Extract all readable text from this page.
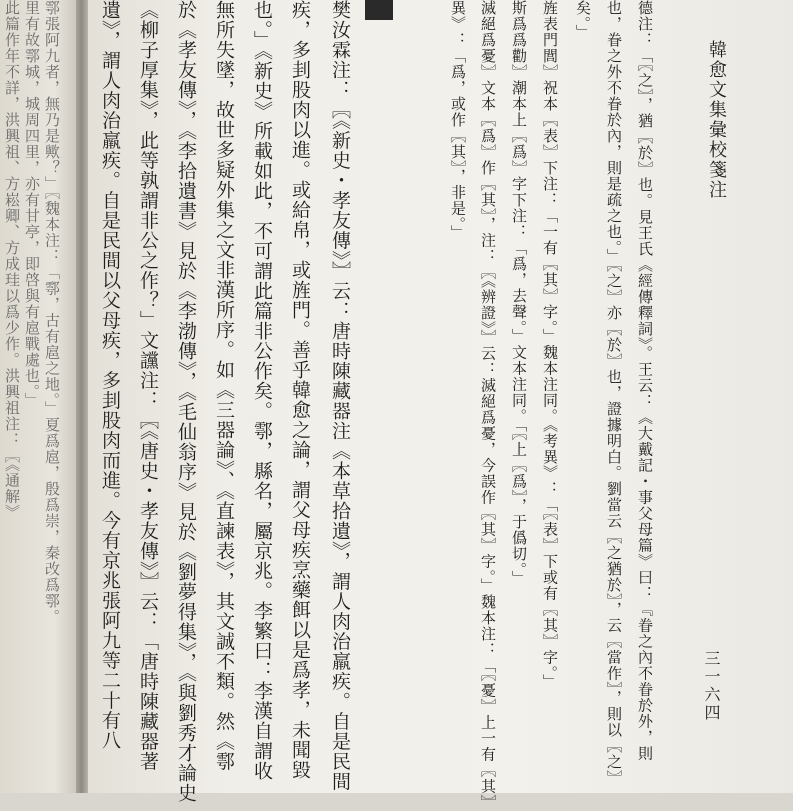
此篇作年不詳，洪興祖、方崧卿、方成珪以爲少作。洪興祖注：〖《通解》 里有故鄠城，城周四里，亦有甘亭，即啓與有扈戰處也。」 鄠張阿九者，無乃是歟？」〖魏本注：「鄠，古有扈之地。」夏爲扈，殷爲崇，秦改爲鄠。 遺》，謂人肉治羸疾。自是民間以父母疾，多刲股肉而進。今有京兆張阿九等二十有八 《柳子厚集》，此等孰謂非公之作？」文讜注：〖《唐史・孝友傳》〗云：「唐時陳藏器著 於《孝友傳》，《李拾遺書》見於《李渤傳》，《毛仙翁序》見於《劉夢得集》，《與劉秀才論史 無所失墜，故世多疑外集之文非漢所序。如《三器論》、《直諫表》，其文誠不類。然《鄠 也。」《新史》所載如此，不可謂此篇非公作矣。鄠，縣名，屬京兆。李繁曰：李漢自謂收 疾，多刲股肉以進。或給帛，或旌門。善乎韓愈之論，謂父母疾烹藥餌以是爲孝，未聞毀 樊汝霖注：〖《新史・孝友傳》〗云：唐時陳藏器注《本草拾遺》，謂人肉治羸疾。自是民間	異》：「爲，或作〖其〗，非是。」 滅絕爲憂〗文本〖爲〗作〖其〗，注：〖《辨證》〗云：滅絕爲憂，今誤作〖其〗字。」魏本注：「〖憂〗上一有〖其〗 斯爲爲勸〗潮本上〖爲〗字下注：「爲，去聲。」文本注同。「〖上〖爲〗，于僞切。」 旌表門閭〗祝本〖表〗下注：「一有〖其〗字。」魏本注同。《考異》：「〖表〗下或有〖其〗字。」 矣。」 也，眷之外不眷於內，則是疏之也。」〖之〗亦〖於〗也，證據明白。劉當云〖之猶於〗，云〖當作〗，則以〖之〗 德注：「〖之〗，猶〖於〗也。見王氏《經傳釋詞》。王云：《大戴記・事父母篇》曰：『眷之內不眷於外，則	韓愈文集彙校箋注
三一六四
